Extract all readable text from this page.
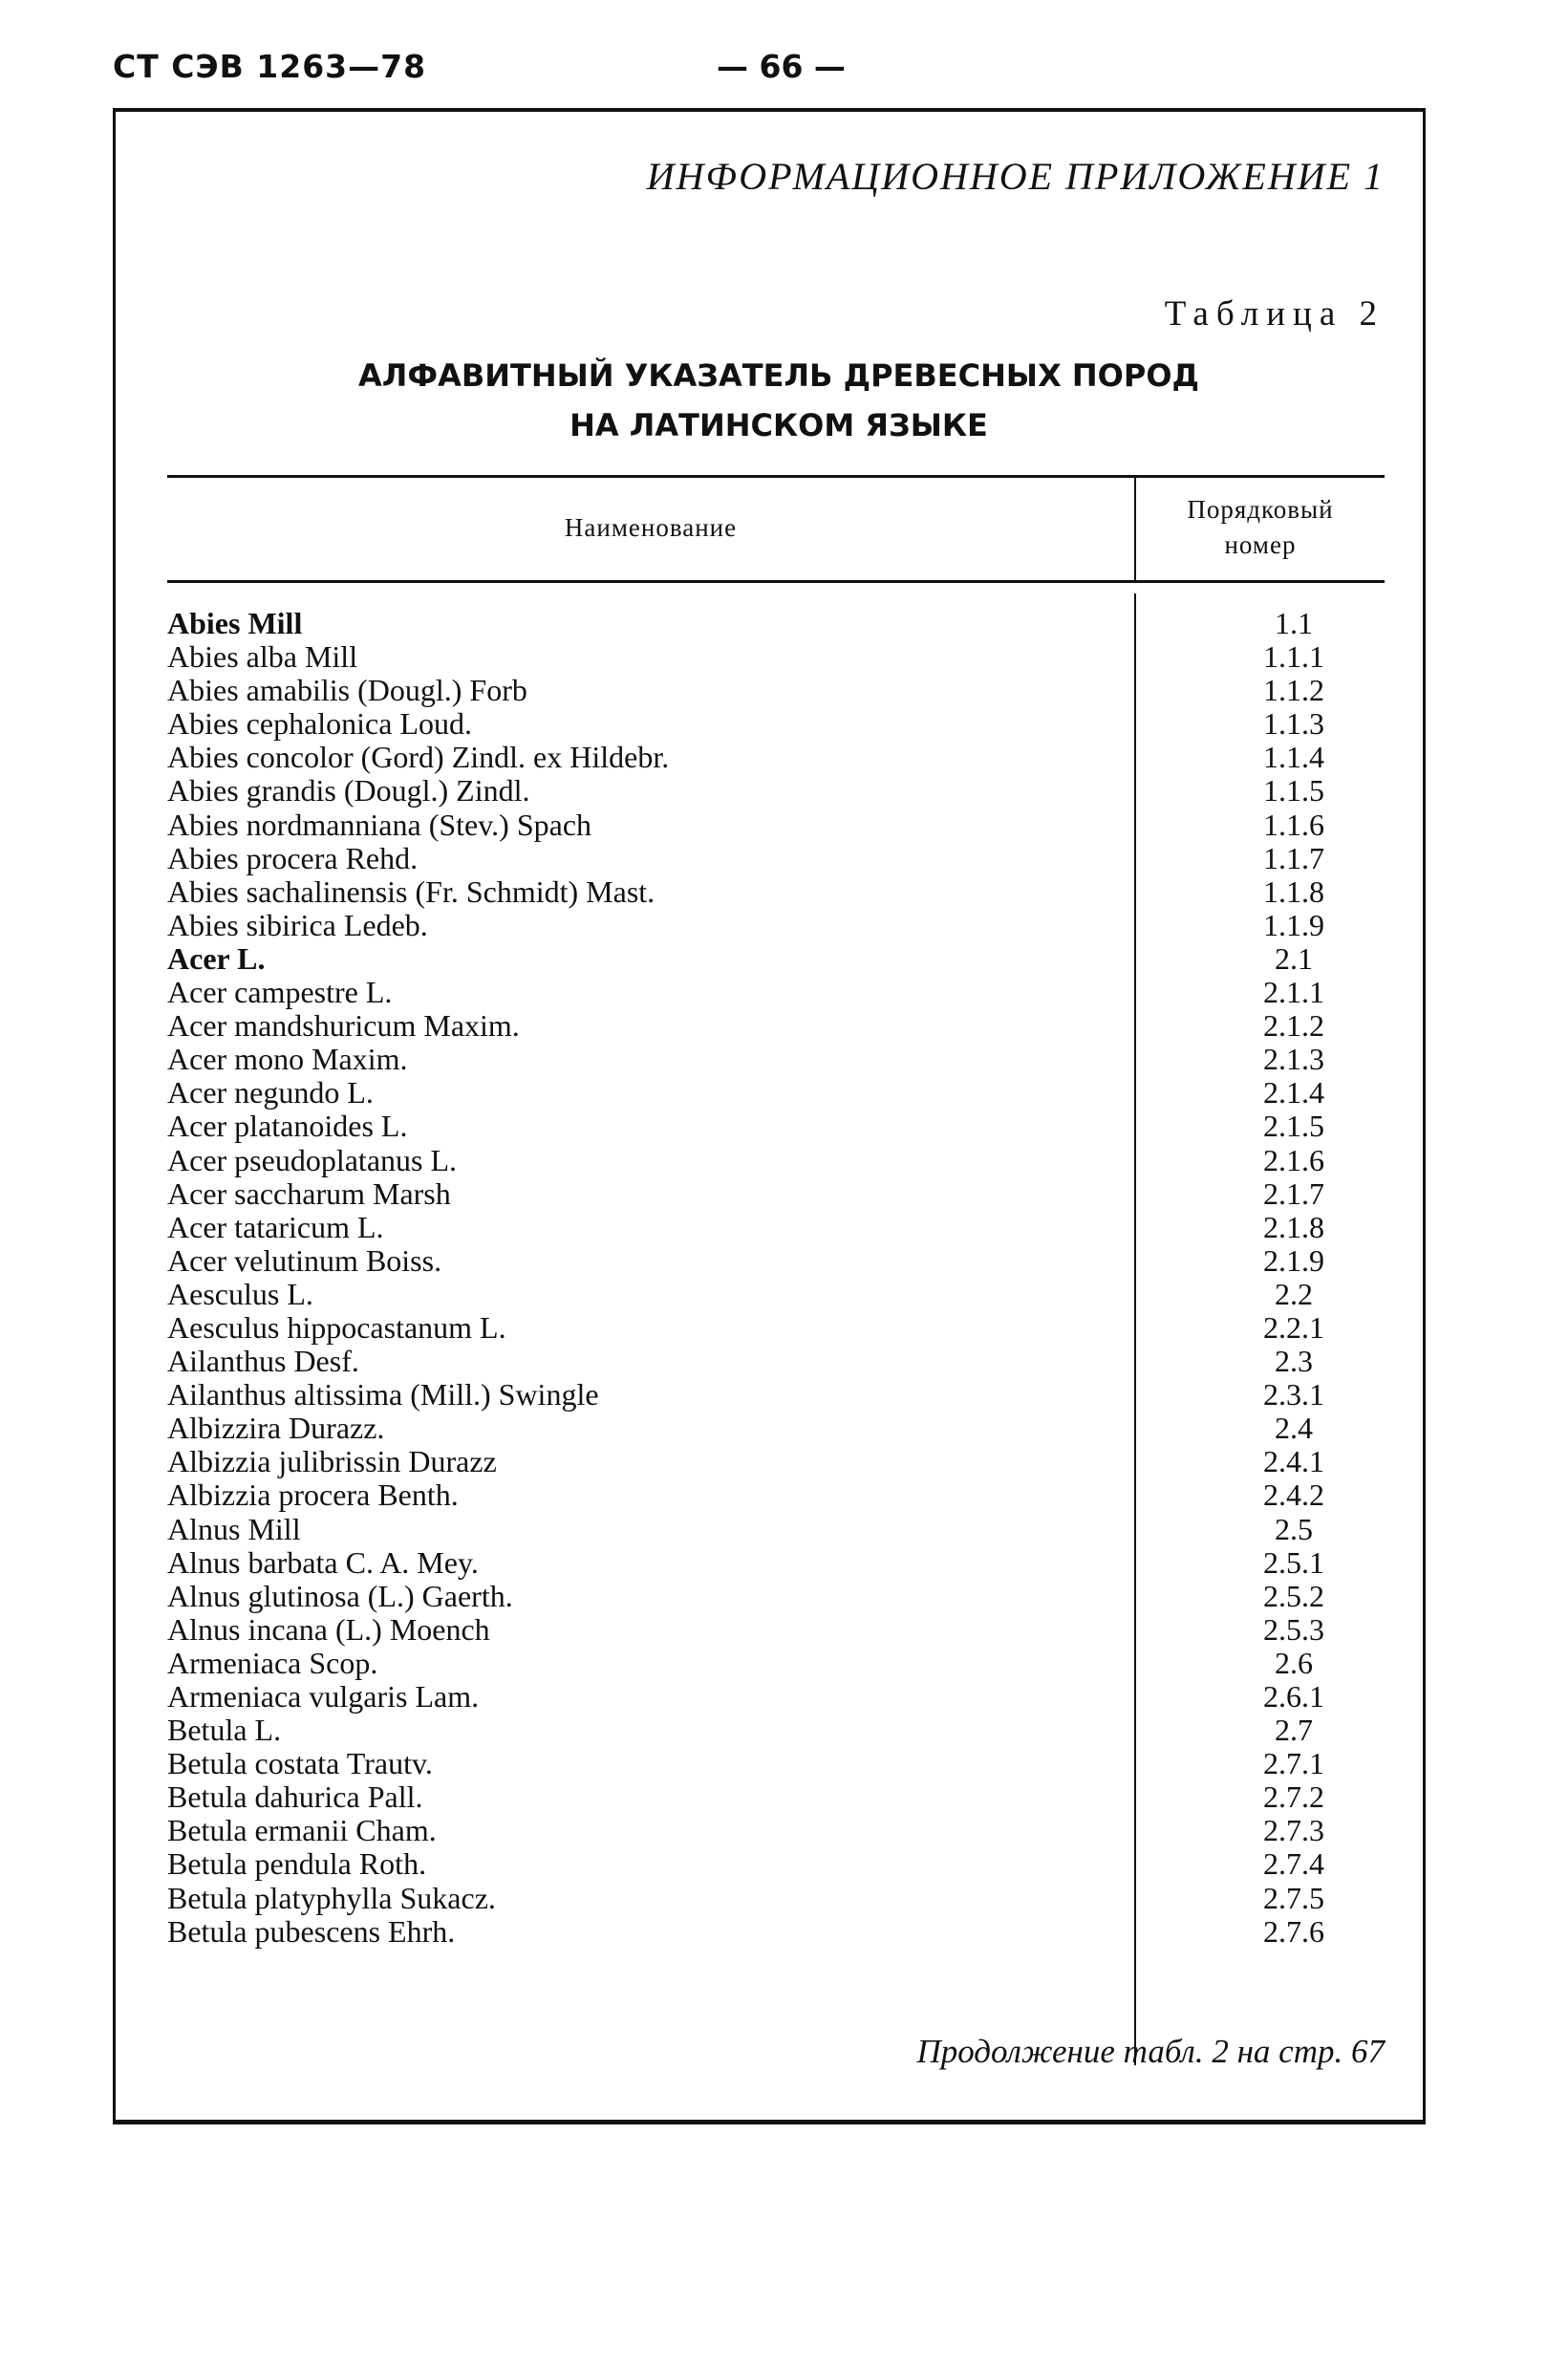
СТ СЭВ 1263—78	— 66 —
ИНФОРМАЦИОННОЕ ПРИЛОЖЕНИЕ 1
Таблица 2
АЛФАВИТНЫЙ УКАЗАТЕЛЬ ДРЕВЕСНЫХ ПОРОД
НА ЛАТИНСКОМ ЯЗЫКЕ
Наименование
Порядковый
номер
Abies Mill	1.1
Abies alba Mill	1.1.1
Abies amabilis (Dougl.) Forb	1.1.2
Abies cephalonica Loud.	1.1.3
Abies concolor (Gord) Zindl. ex Hildebr.	1.1.4
Abies grandis (Dougl.) Zindl.	1.1.5
Abies nordmanniana (Stev.) Spach	1.1.6
Abies procera Rehd.	1.1.7
Abies sachalinensis (Fr. Schmidt) Mast.	1.1.8
Abies sibirica Ledeb.	1.1.9
Acer L.	2.1
Acer campestre L.	2.1.1
Acer mandshuricum Maxim.	2.1.2
Acer mono Maxim.	2.1.3
Acer negundo L.	2.1.4
Acer platanoides L.	2.1.5
Acer pseudoplatanus L.	2.1.6
Acer saccharum Marsh	2.1.7
Acer tataricum L.	2.1.8
Acer velutinum Boiss.	2.1.9
Aesculus L.	2.2
Aesculus hippocastanum L.	2.2.1
Ailanthus Desf.	2.3
Ailanthus altissima (Mill.) Swingle	2.3.1
Albizzira Durazz.	2.4
Albizzia julibrissin Durazz	2.4.1
Albizzia procera Benth.	2.4.2
Alnus Mill	2.5
Alnus barbata C. A. Mey.	2.5.1
Alnus glutinosa (L.) Gaerth.	2.5.2
Alnus incana (L.) Moench	2.5.3
Armeniaca Scop.	2.6
Armeniaca vulgaris Lam.	2.6.1
Betula L.	2.7
Betula costata Trautv.	2.7.1
Betula dahurica Pall.	2.7.2
Betula ermanii Cham.	2.7.3
Betula pendula Roth.	2.7.4
Betula platyphylla Sukacz.	2.7.5
Betula pubescens Ehrh.	2.7.6
Продолжение табл. 2 на стр. 67
